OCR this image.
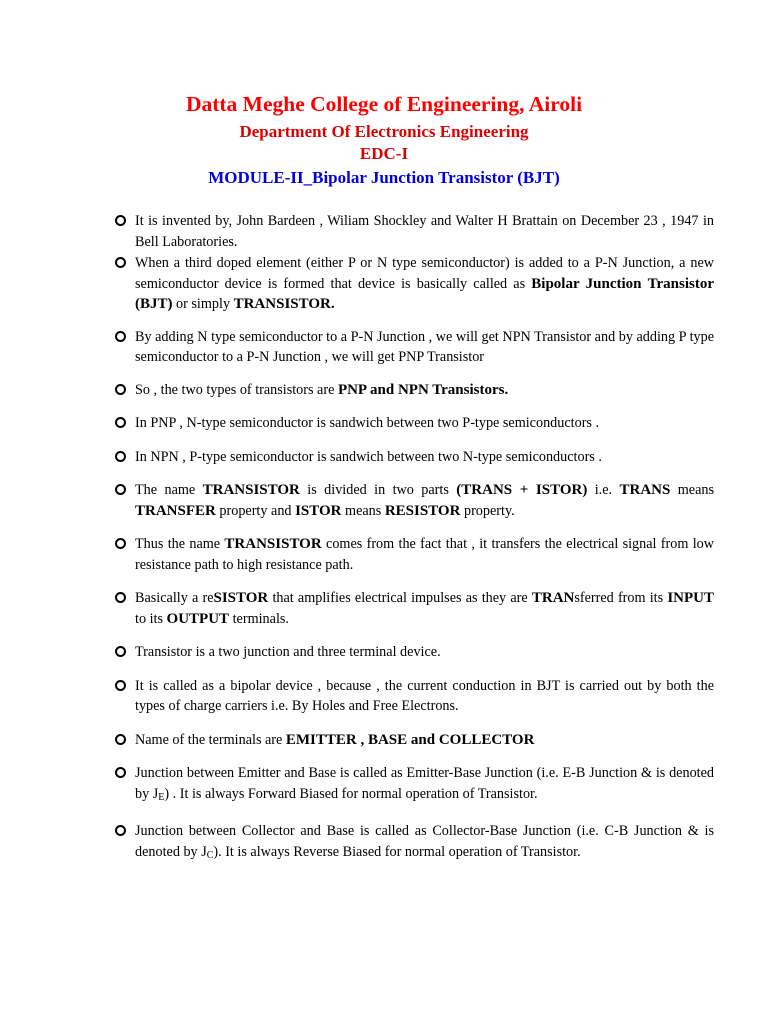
Datta Meghe College of Engineering, Airoli
Department Of Electronics Engineering
EDC-I
MODULE-II_Bipolar Junction Transistor (BJT)
It is invented by, John Bardeen , Wiliam Shockley and Walter H Brattain on December 23 , 1947 in Bell Laboratories.
When a third doped element (either P or N type semiconductor) is added to a P-N Junction, a new semiconductor device is formed that device is basically called as Bipolar Junction Transistor (BJT) or simply TRANSISTOR.
By adding N type semiconductor to a P-N Junction , we will get NPN Transistor and by adding P type semiconductor to a P-N Junction , we will get PNP Transistor
So , the two types of transistors are PNP and NPN Transistors.
In PNP , N-type semiconductor is sandwich between two P-type semiconductors .
In NPN , P-type semiconductor is sandwich between two N-type semiconductors .
The name TRANSISTOR is divided in two parts (TRANS + ISTOR) i.e. TRANS means TRANSFER property and ISTOR means RESISTOR property.
Thus the name TRANSISTOR comes from the fact that , it transfers the electrical signal from low resistance path to high resistance path.
Basically a reSISTOR that amplifies electrical impulses as they are TRANsferred from its INPUT to its OUTPUT terminals.
Transistor is a two junction and three terminal device.
It is called as a bipolar device , because , the current conduction in BJT is carried out by both the types of charge carriers i.e. By Holes and Free Electrons.
Name of the terminals are EMITTER , BASE and COLLECTOR
Junction between Emitter and Base is called as Emitter-Base Junction (i.e. E-B Junction & is denoted by $J_E$) . It is always Forward Biased for normal operation of Transistor.
Junction between Collector and Base is called as Collector-Base Junction (i.e. C-B Junction & is denoted by $J_C$). It is always Reverse Biased for normal operation of Transistor.
